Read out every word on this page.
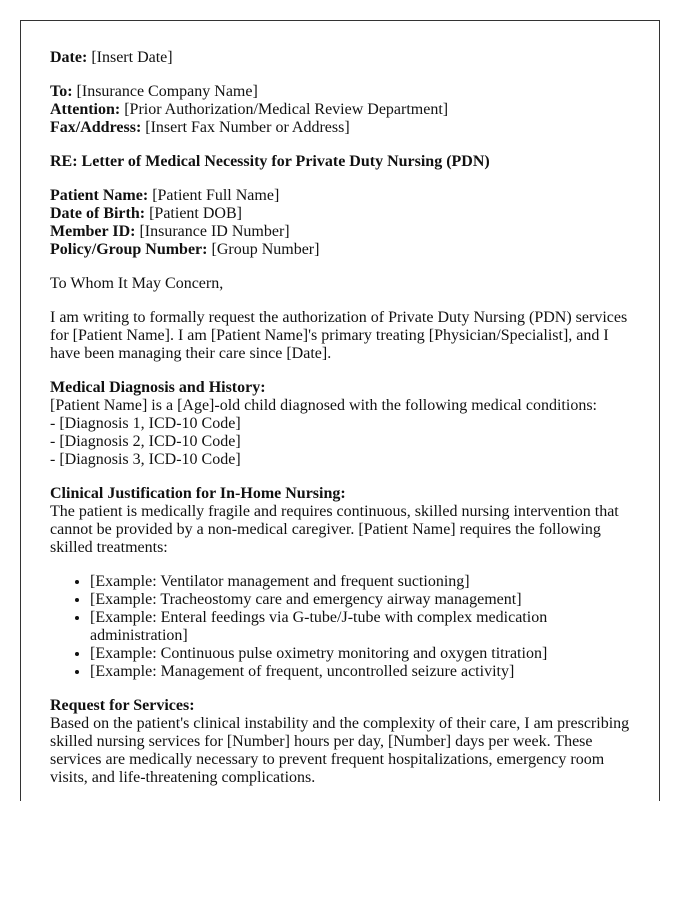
Date: [Insert Date]

To: [Insurance Company Name]
Attention: [Prior Authorization/Medical Review Department]
Fax/Address: [Insert Fax Number or Address]

RE: Letter of Medical Necessity for Private Duty Nursing (PDN)

Patient Name: [Patient Full Name]
Date of Birth: [Patient DOB]
Member ID: [Insurance ID Number]
Policy/Group Number: [Group Number]

To Whom It May Concern,

I am writing to formally request the authorization of Private Duty Nursing (PDN) services for [Patient Name]. I am [Patient Name]'s primary treating [Physician/Specialist], and I have been managing their care since [Date].

Medical Diagnosis and History:
[Patient Name] is a [Age]-old child diagnosed with the following medical conditions:
- [Diagnosis 1, ICD-10 Code]
- [Diagnosis 2, ICD-10 Code]
- [Diagnosis 3, ICD-10 Code]

Clinical Justification for In-Home Nursing:
The patient is medically fragile and requires continuous, skilled nursing intervention that cannot be provided by a non-medical caregiver. [Patient Name] requires the following skilled treatments:

• [Example: Ventilator management and frequent suctioning]
• [Example: Tracheostomy care and emergency airway management]
• [Example: Enteral feedings via G-tube/J-tube with complex medication administration]
• [Example: Continuous pulse oximetry monitoring and oxygen titration]
• [Example: Management of frequent, uncontrolled seizure activity]

Request for Services:
Based on the patient's clinical instability and the complexity of their care, I am prescribing skilled nursing services for [Number] hours per day, [Number] days per week. These services are medically necessary to prevent frequent hospitalizations, emergency room visits, and life-threatening complications.
